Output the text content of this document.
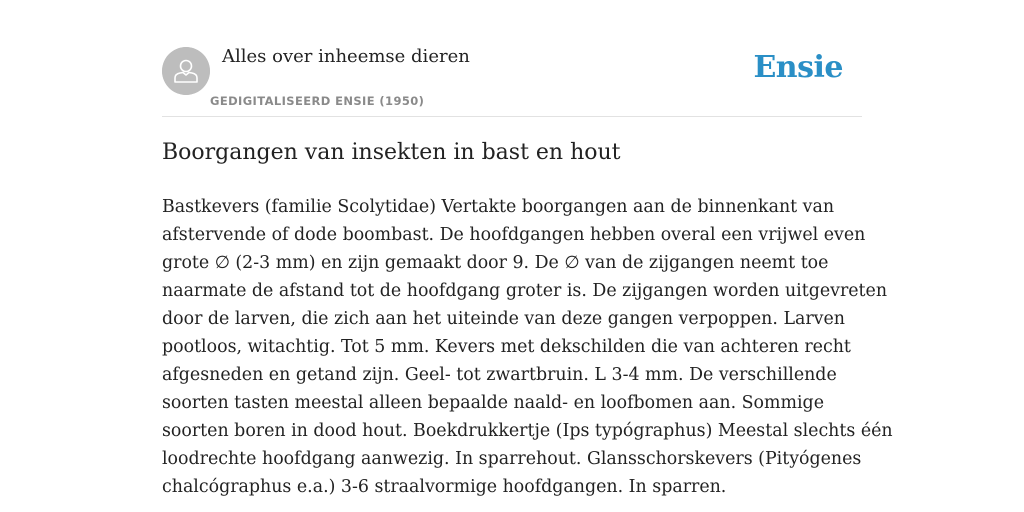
Alles over inheemse dieren
GEDIGITALISEERD ENSIE (1950)
Ensie
Boorgangen van insekten in bast en hout

Bastkevers (familie Scolytidae) Vertakte boorgangen aan de binnenkant van
afstervende of dode boombast. De hoofdgangen hebben overal een vrijwel even
grote ∅ (2-3 mm) en zijn gemaakt door 9. De ∅ van de zijgangen neemt toe
naarmate de afstand tot de hoofdgang groter is. De zijgangen worden uitgevreten
door de larven, die zich aan het uiteinde van deze gangen verpoppen. Larven
pootloos, witachtig. Tot 5 mm. Kevers met dekschilden die van achteren recht
afgesneden en getand zijn. Geel- tot zwartbruin. L 3-4 mm. De verschillende
soorten tasten meestal alleen bepaalde naald- en loofbomen aan. Sommige
soorten boren in dood hout. Boekdrukkertje (Ips typógraphus) Meestal slechts één
loodrechte hoofdgang aanwezig. In sparrehout. Glansschorskevers (Pityógenes
chalcógraphus e.a.) 3-6 straalvormige hoofdgangen. In sparren.
